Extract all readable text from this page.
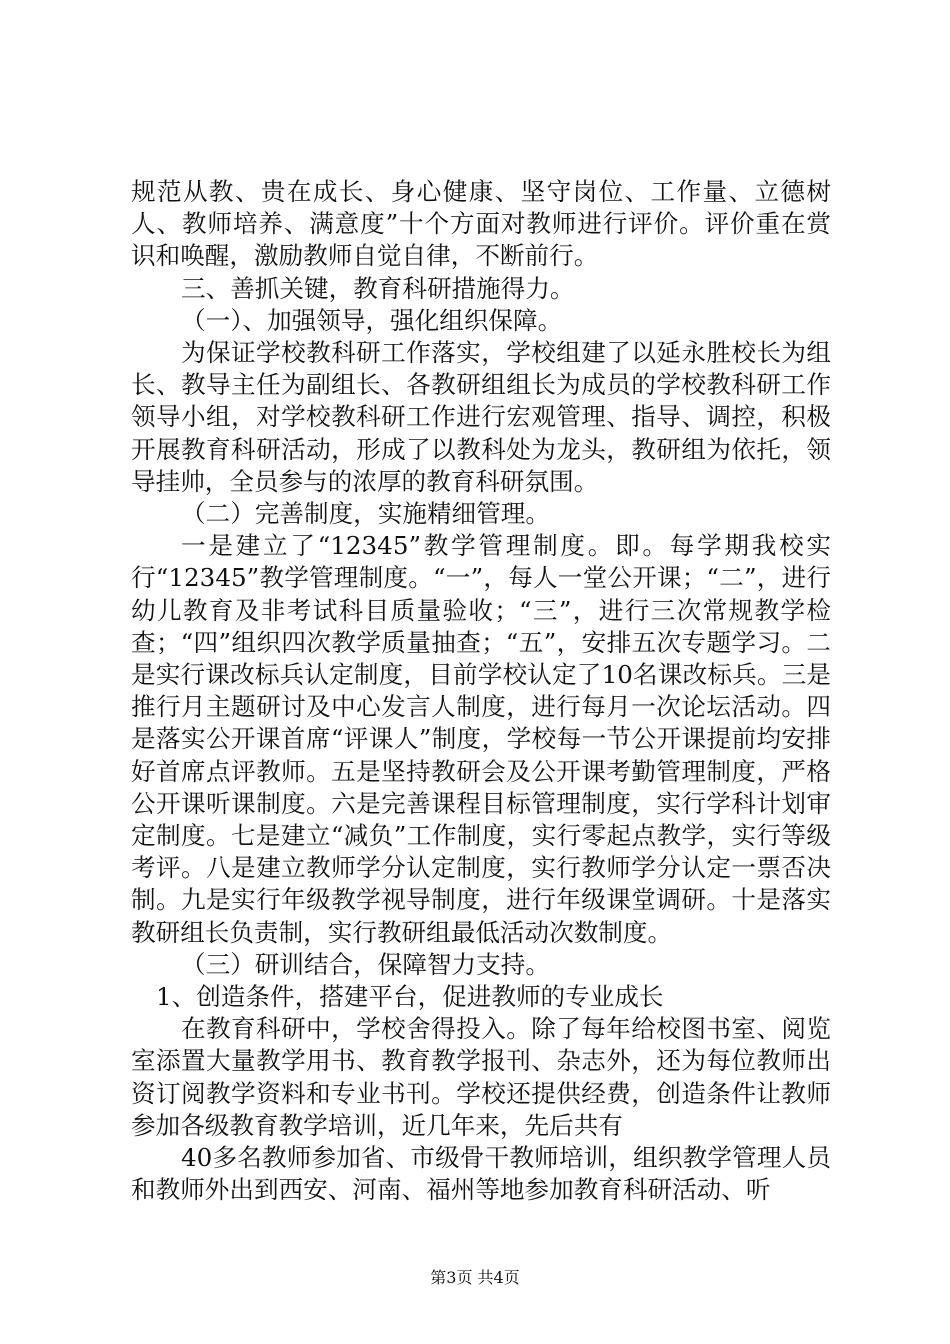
规范从教、贵在成长、身心健康、坚守岗位、工作量、立德树人、教师培养、满意度”十个方面对教师进行评价。评价重在赏识和唤醒，激励教师自觉自律，不断前行。

三、善抓关键，教育科研措施得力。

（一）、加强领导，强化组织保障。

为保证学校教科研工作落实，学校组建了以延永胜校长为组长、教导主任为副组长、各教研组组长为成员的学校教科研工作领导小组，对学校教科研工作进行宏观管理、指导、调控，积极开展教育科研活动，形成了以教科处为龙头，教研组为依托，领导挂帅，全员参与的浓厚的教育科研氛围。

（二）完善制度，实施精细管理。

一是建立了“12345”教学管理制度。即。每学期我校实行“12345”教学管理制度。“一”，每人一堂公开课；“二”，进行幼儿教育及非考试科目质量验收；“三”，进行三次常规教学检查；“四”组织四次教学质量抽查；“五”，安排五次专题学习。二是实行课改标兵认定制度，目前学校认定了10名课改标兵。三是推行月主题研讨及中心发言人制度，进行每月一次论坛活动。四是落实公开课首席“评课人”制度，学校每一节公开课提前均安排好首席点评教师。五是坚持教研会及公开课考勤管理制度，严格公开课听课制度。六是完善课程目标管理制度，实行学科计划审定制度。七是建立“减负”工作制度，实行零起点教学，实行等级考评。八是建立教师学分认定制度，实行教师学分认定一票否决制。九是实行年级教学视导制度，进行年级课堂调研。十是落实教研组长负责制，实行教研组最低活动次数制度。

（三）研训结合，保障智力支持。

1、创造条件，搭建平台，促进教师的专业成长

在教育科研中，学校舍得投入。除了每年给校图书室、阅览室添置大量教学用书、教育教学报刊、杂志外，还为每位教师出资订阅教学资料和专业书刊。学校还提供经费，创造条件让教师参加各级教育教学培训，近几年来，先后共有

40多名教师参加省、市级骨干教师培训，组织教学管理人员和教师外出到西安、河南、福州等地参加教育科研活动、听

第3页 共4页
